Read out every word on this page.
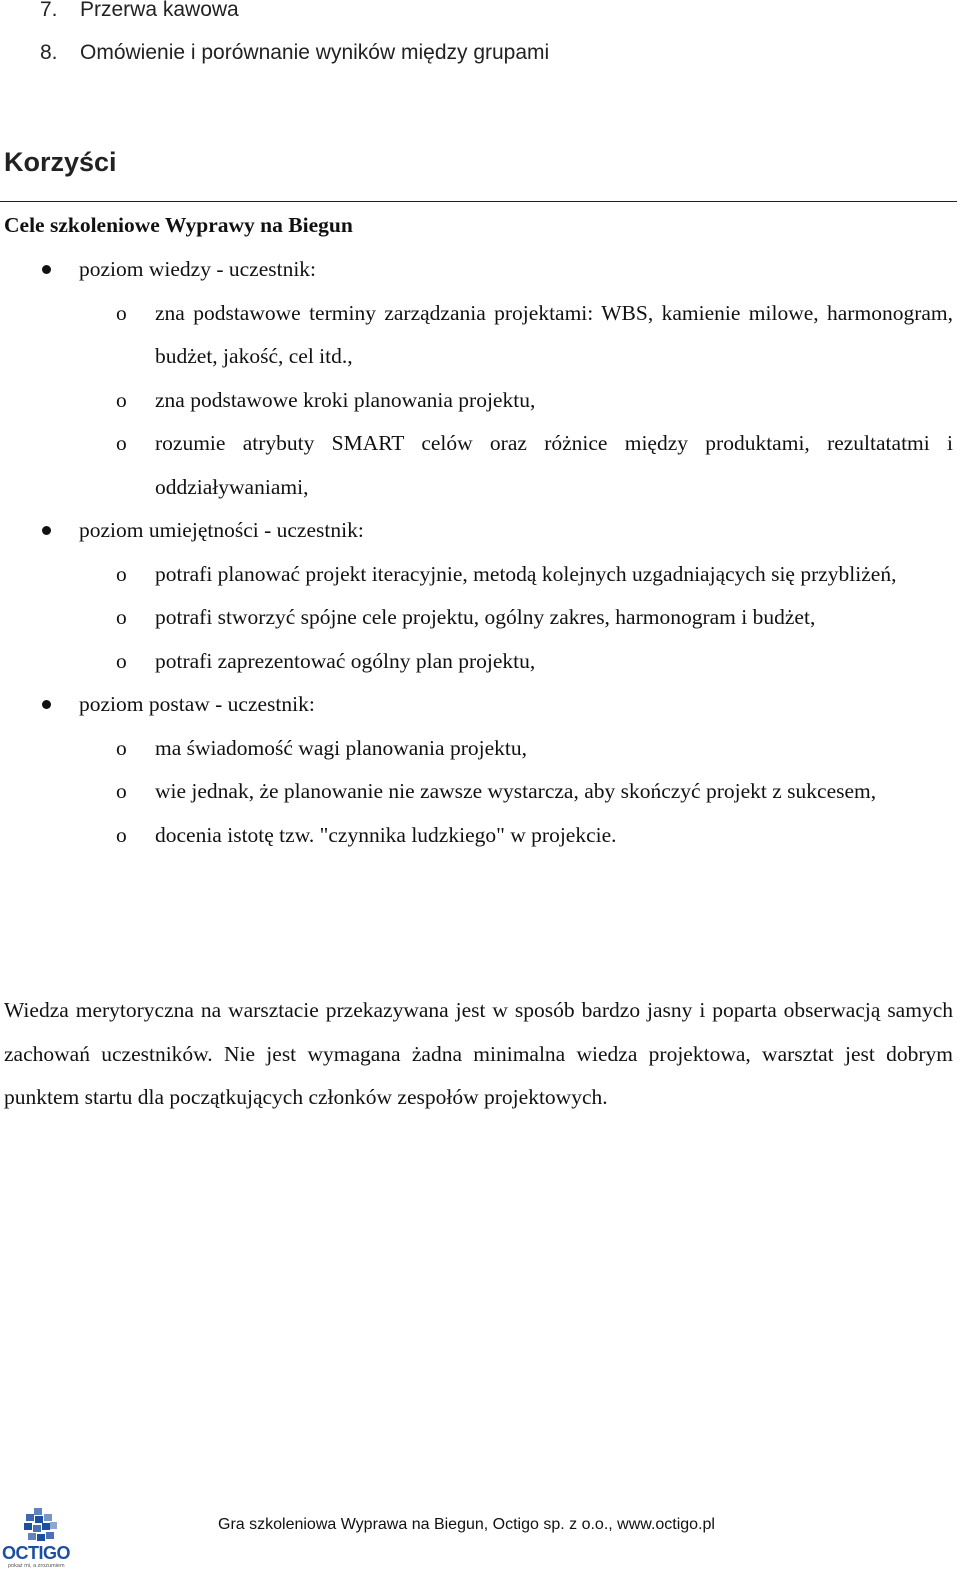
7. Przerwa kawowa
8. Omówienie i porównanie wyników między grupami
Korzyści
Cele szkoleniowe Wyprawy na Biegun
poziom wiedzy - uczestnik:
o zna podstawowe terminy zarządzania projektami: WBS, kamienie milowe, harmonogram, budżet, jakość, cel itd.,
o zna podstawowe kroki planowania projektu,
o rozumie atrybuty SMART celów oraz różnice między produktami, rezultatatmi i oddziaływaniami,
poziom umiejętności - uczestnik:
o potrafi planować projekt iteracyjnie, metodą kolejnych uzgadniających się przybliżeń,
o potrafi stworzyć spójne cele projektu, ogólny zakres, harmonogram i budżet,
o potrafi zaprezentować ogólny plan projektu,
poziom postaw - uczestnik:
o ma świadomość wagi planowania projektu,
o wie jednak, że planowanie nie zawsze wystarcza, aby skończyć projekt z sukcesem,
o docenia istotę tzw. "czynnika ludzkiego" w projekcie.

Wiedza merytoryczna na warsztacie przekazywana jest w sposób bardzo jasny i poparta obserwacją samych zachowań uczestników. Nie jest wymagana żadna minimalna wiedza projektowa, warsztat jest dobrym punktem startu dla początkujących członków zespołów projektowych.

OCTIGO
pokaż mi, a zrozumiem
Gra szkoleniowa Wyprawa na Biegun, Octigo sp. z o.o., www.octigo.pl
